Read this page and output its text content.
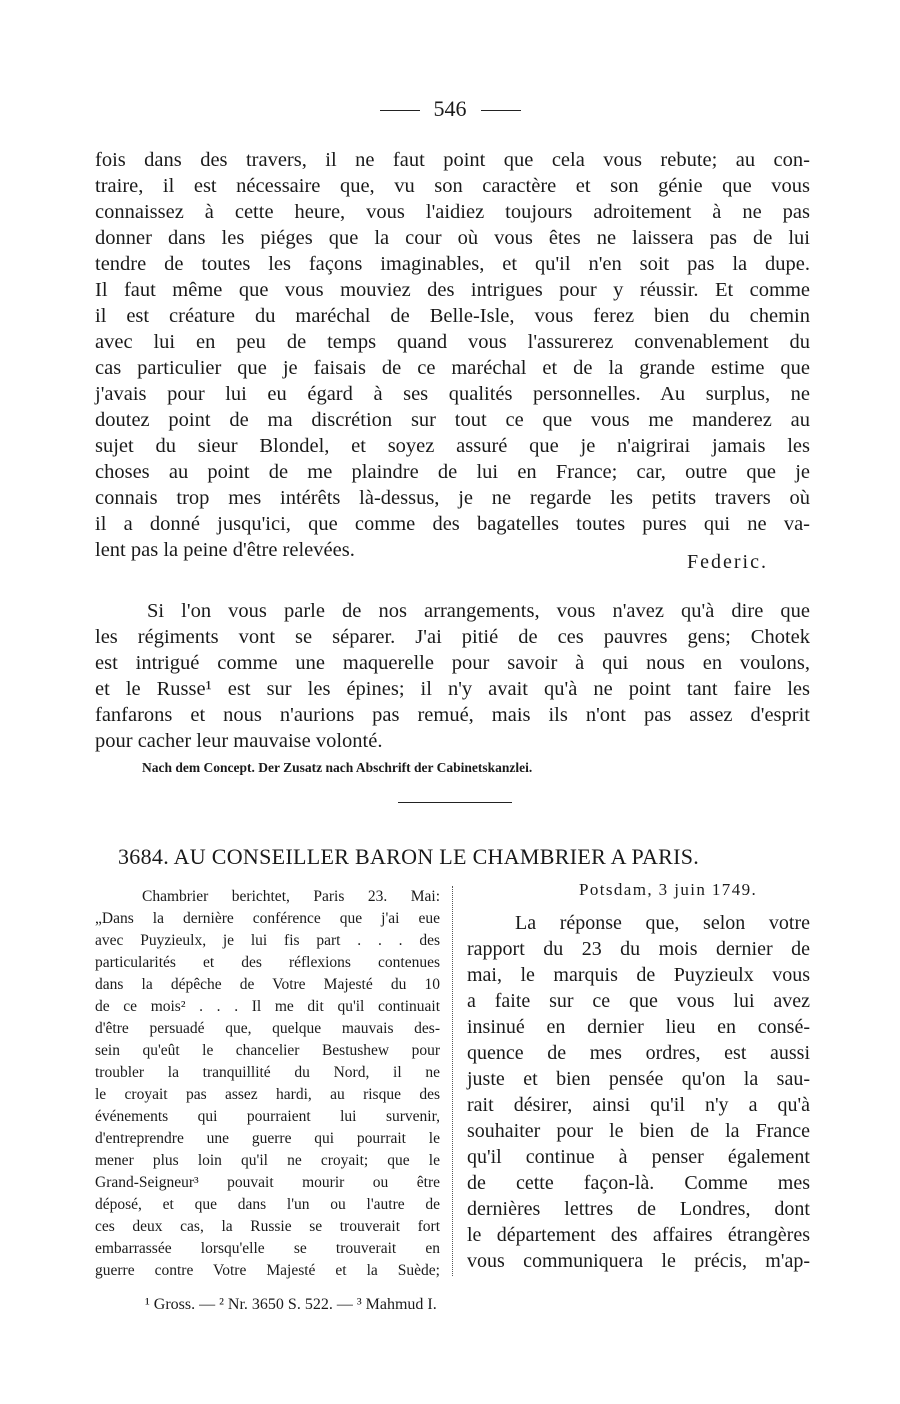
546
fois dans des travers, il ne faut point que cela vous rebute; au con-
traire, il est nécessaire que, vu son caractère et son génie que vous
connaissez à cette heure, vous l'aidiez toujours adroitement à ne pas
donner dans les piéges que la cour où vous êtes ne laissera pas de lui
tendre de toutes les façons imaginables, et qu'il n'en soit pas la dupe.
Il faut même que vous mouviez des intrigues pour y réussir. Et comme
il est créature du maréchal de Belle-Isle, vous ferez bien du chemin
avec lui en peu de temps quand vous l'assurerez convenablement du
cas particulier que je faisais de ce maréchal et de la grande estime que
j'avais pour lui eu égard à ses qualités personnelles. Au surplus, ne
doutez point de ma discrétion sur tout ce que vous me manderez au
sujet du sieur Blondel, et soyez assuré que je n'aigrirai jamais les
choses au point de me plaindre de lui en France; car, outre que je
connais trop mes intérêts là-dessus, je ne regarde les petits travers où
il a donné jusqu'ici, que comme des bagatelles toutes pures qui ne va-
lent pas la peine d'être relevées.
Federic.
Si l'on vous parle de nos arrangements, vous n'avez qu'à dire que
les régiments vont se séparer. J'ai pitié de ces pauvres gens; Chotek
est intrigué comme une maquerelle pour savoir à qui nous en voulons,
et le Russe¹ est sur les épines; il n'y avait qu'à ne point tant faire les
fanfarons et nous n'aurions pas remué, mais ils n'ont pas assez d'esprit
pour cacher leur mauvaise volonté.
Nach dem Concept. Der Zusatz nach Abschrift der Cabinetskanzlei.
3684. AU CONSEILLER BARON LE CHAMBRIER A PARIS.
Chambrier berichtet, Paris 23. Mai:
„Dans la dernière conférence que j'ai eue
avec Puyzieulx, je lui fis part . . . des
particularités et des réflexions contenues
dans la dépêche de Votre Majesté du 10
de ce mois² . . . Il me dit qu'il continuait
d'être persuadé que, quelque mauvais des-
sein qu'eût le chancelier Bestushew pour
troubler la tranquillité du Nord, il ne
le croyait pas assez hardi, au risque des
événements qui pourraient lui survenir,
d'entreprendre une guerre qui pourrait le
mener plus loin qu'il ne croyait; que le
Grand-Seigneur³ pouvait mourir ou être
déposé, et que dans l'un ou l'autre de
ces deux cas, la Russie se trouverait fort
embarrassée lorsqu'elle se trouverait en
guerre contre Votre Majesté et la Suède;
Potsdam, 3 juin 1749.
La réponse que, selon votre
rapport du 23 du mois dernier de
mai, le marquis de Puyzieulx vous
a faite sur ce que vous lui avez
insinué en dernier lieu en consé-
quence de mes ordres, est aussi
juste et bien pensée qu'on la sau-
rait désirer, ainsi qu'il n'y a qu'à
souhaiter pour le bien de la France
qu'il continue à penser également
de cette façon-là. Comme mes
dernières lettres de Londres, dont
le département des affaires étrangères
vous communiquera le précis, m'ap-
¹ Gross. — ² Nr. 3650 S. 522. — ³ Mahmud I.
